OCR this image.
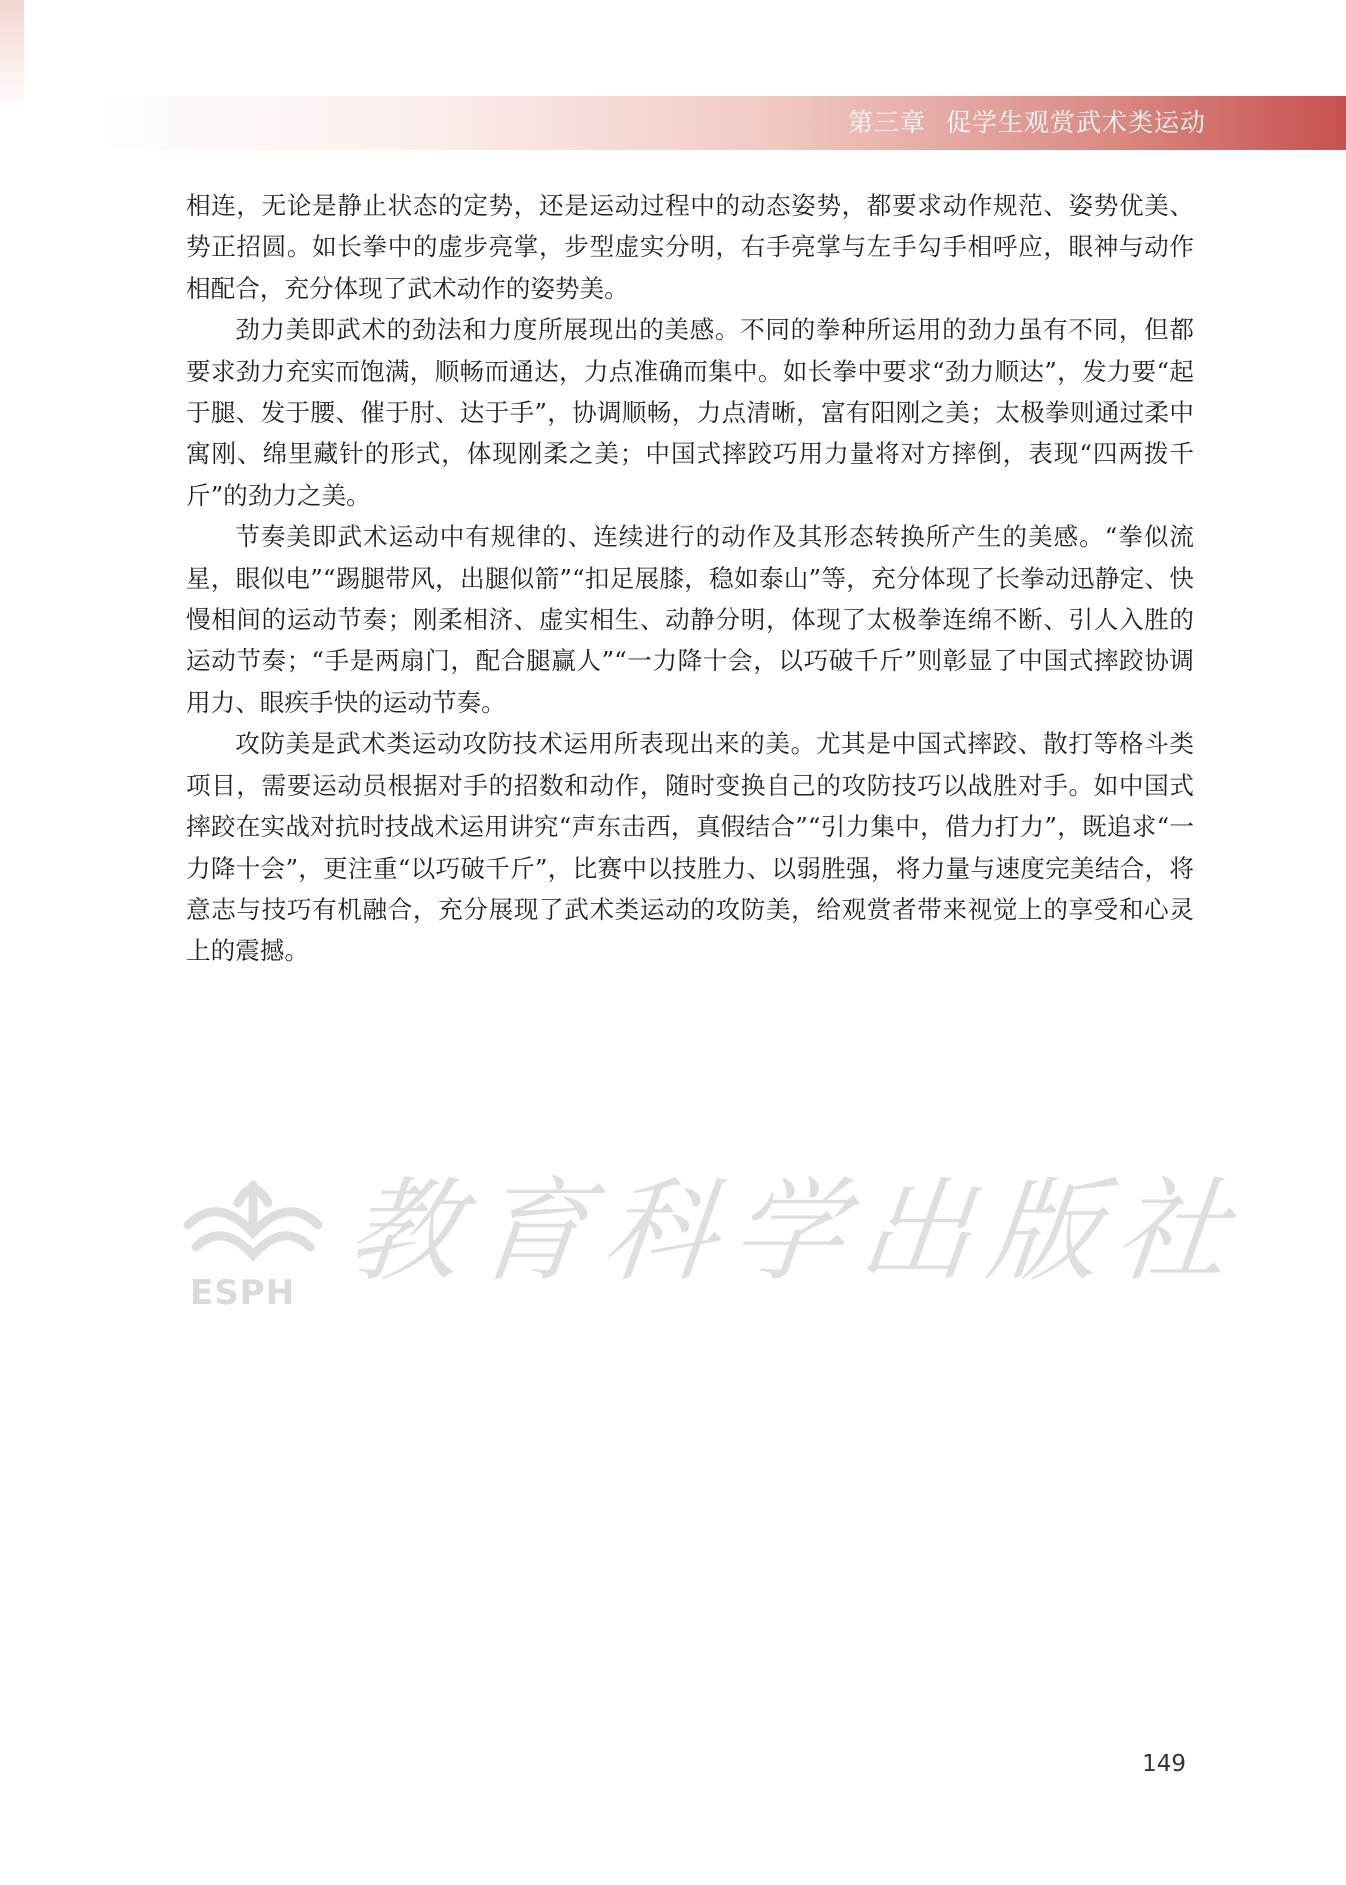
第三章 促学生观赏武术类运动

相连，无论是静止状态的定势，还是运动过程中的动态姿势，都要求动作规范、姿势优美、势正招圆。如长拳中的虚步亮掌，步型虚实分明，右手亮掌与左手勾手相呼应，眼神与动作相配合，充分体现了武术动作的姿势美。

劲力美即武术的劲法和力度所展现出的美感。不同的拳种所运用的劲力虽有不同，但都要求劲力充实而饱满，顺畅而通达，力点准确而集中。如长拳中要求“劲力顺达”，发力要“起于腿、发于腰、催于肘、达于手”，协调顺畅，力点清晰，富有阳刚之美；太极拳则通过柔中寓刚、绵里藏针的形式，体现刚柔之美；中国式摔跤巧用力量将对方摔倒，表现“四两拨千斤”的劲力之美。

节奏美即武术运动中有规律的、连续进行的动作及其形态转换所产生的美感。“拳似流星，眼似电”“踢腿带风，出腿似箭”“扣足展膝，稳如泰山”等，充分体现了长拳动迅静定、快慢相间的运动节奏；刚柔相济、虚实相生、动静分明，体现了太极拳连绵不断、引人入胜的运动节奏；“手是两扇门，配合腿赢人”“一力降十会，以巧破千斤”则彰显了中国式摔跤协调用力、眼疾手快的运动节奏。

攻防美是武术类运动攻防技术运用所表现出来的美。尤其是中国式摔跤、散打等格斗类项目，需要运动员根据对手的招数和动作，随时变换自己的攻防技巧以战胜对手。如中国式摔跤在实战对抗时技战术运用讲究“声东击西，真假结合”“引力集中，借力打力”，既追求“一力降十会”，更注重“以巧破千斤”，比赛中以技胜力、以弱胜强，将力量与速度完美结合，将意志与技巧有机融合，充分展现了武术类运动的攻防美，给观赏者带来视觉上的享受和心灵上的震撼。

ESPH 教 育 科 学 出 版 社
149
